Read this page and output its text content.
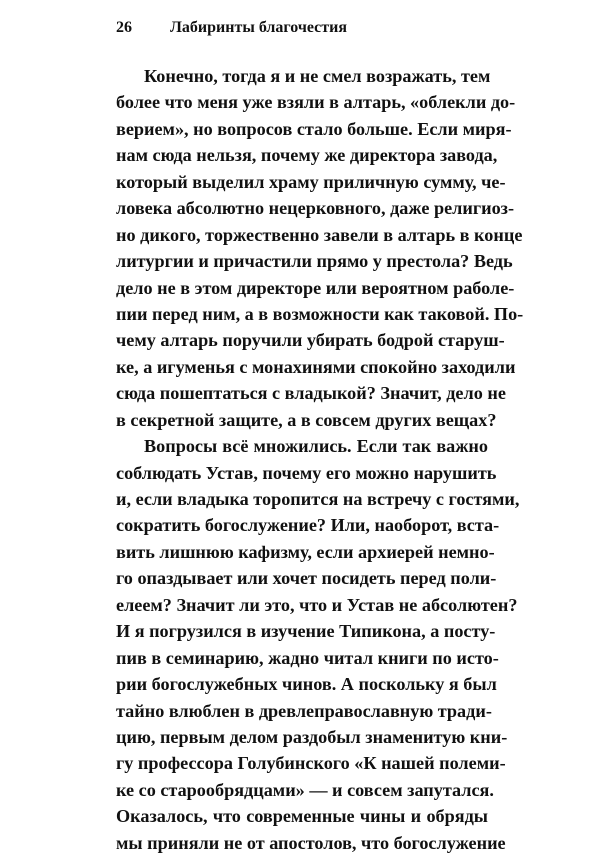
26 Лабиринты благочестия
Конечно, тогда я и не смел возражать, тем
более что меня уже взяли в алтарь, «облекли до-
верием», но вопросов стало больше. Если миря-
нам сюда нельзя, почему же директора завода,
который выделил храму приличную сумму, че-
ловека абсолютно нецерковного, даже религиоз-
но дикого, торжественно завели в алтарь в конце
литургии и причастили прямо у престола? Ведь
дело не в этом директоре или вероятном раболе-
пии перед ним, а в возможности как таковой. По-
чему алтарь поручили убирать бодрой старуш-
ке, а игуменья с монахинями спокойно заходили
сюда пошептаться с владыкой? Значит, дело не
в секретной защите, а в совсем других вещах?
Вопросы всё множились. Если так важно
соблюдать Устав, почему его можно нарушить
и, если владыка торопится на встречу с гостями,
сократить богослужение? Или, наоборот, вста-
вить лишнюю кафизму, если архиерей немно-
го опаздывает или хочет посидеть перед поли-
елеем? Значит ли это, что и Устав не абсолютен?
И я погрузился в изучение Типикона, а посту-
пив в семинарию, жадно читал книги по исто-
рии богослужебных чинов. А поскольку я был
тайно влюблен в древлеправославную тради-
цию, первым делом раздобыл знаменитую кни-
гу профессора Голубинского «К нашей полеми-
ке со старообрядцами» — и совсем запутался.
Оказалось, что современные чины и обряды
мы приняли не от апостолов, что богослужение
